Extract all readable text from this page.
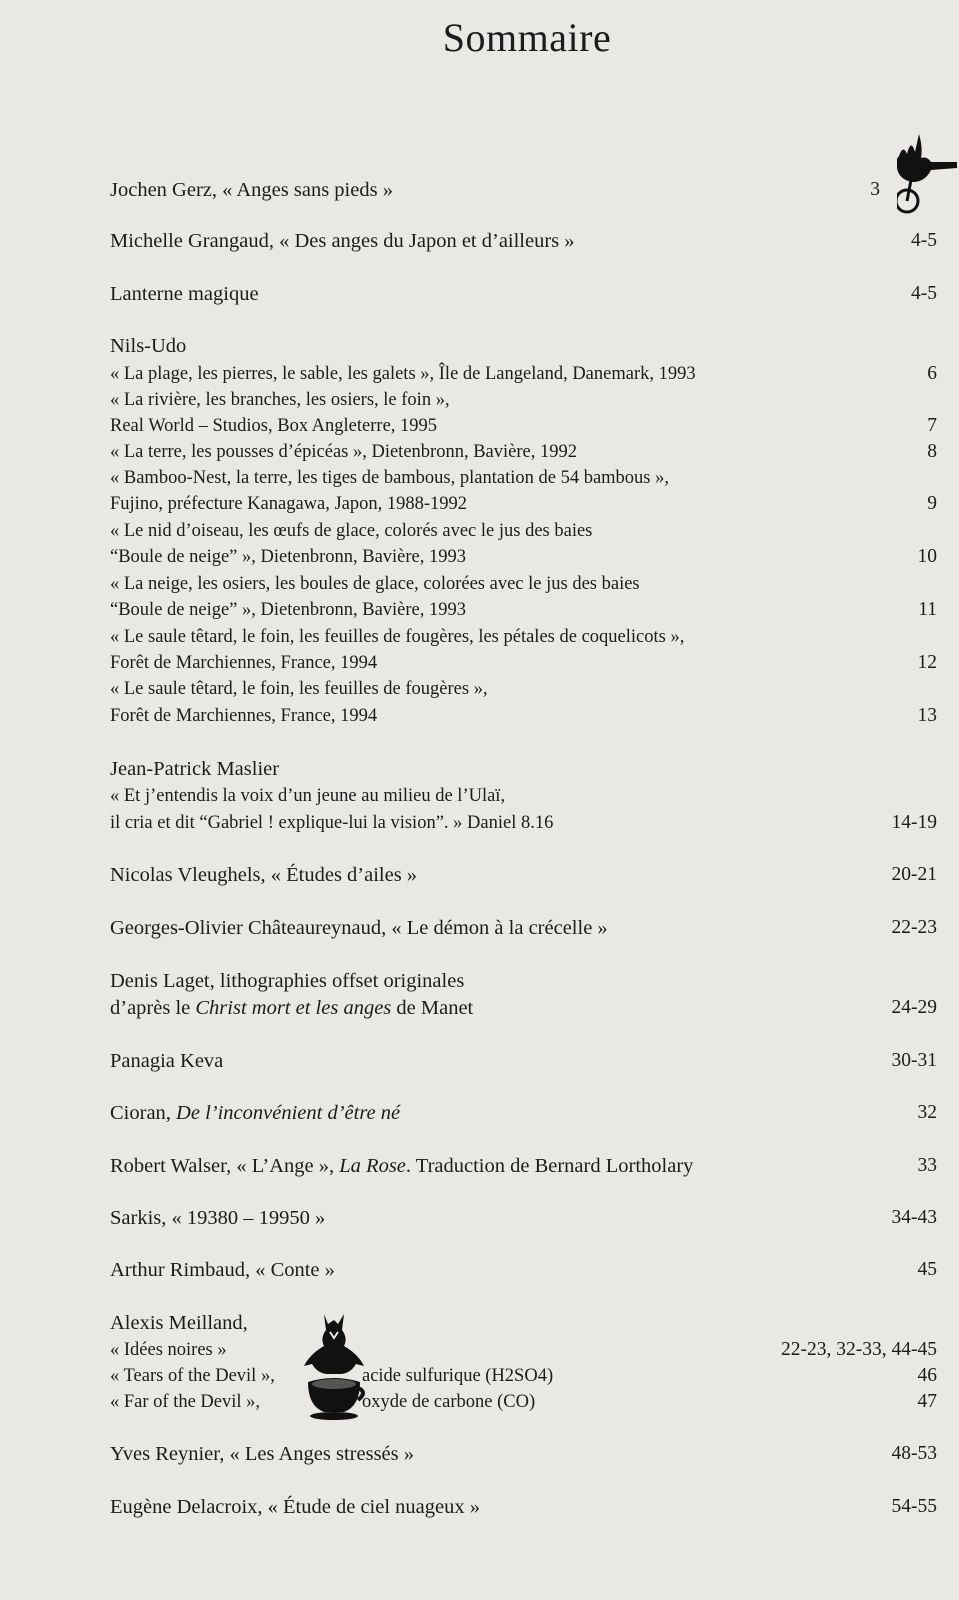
Sommaire
Jochen Gerz, « Anges sans pieds »	3
Michelle Grangaud, « Des anges du Japon et d’ailleurs »	4-5
Lanterne magique	4-5
Nils-Udo
« La plage, les pierres, le sable, les galets », Île de Langeland, Danemark, 1993	6
« La rivière, les branches, les osiers, le foin »,
Real World – Studios, Box Angleterre, 1995	7
« La terre, les pousses d’épicéas », Dietenbronn, Bavière, 1992	8
« Bamboo-Nest, la terre, les tiges de bambous, plantation de 54 bambous »,
Fujino, préfecture Kanagawa, Japon, 1988-1992	9
« Le nid d’oiseau, les œufs de glace, colorés avec le jus des baies
“Boule de neige” », Dietenbronn, Bavière, 1993	10
« La neige, les osiers, les boules de glace, colorées avec le jus des baies
“Boule de neige” », Dietenbronn, Bavière, 1993	11
« Le saule têtard, le foin, les feuilles de fougères, les pétales de coquelicots »,
Forêt de Marchiennes, France, 1994	12
« Le saule têtard, le foin, les feuilles de fougères »,
Forêt de Marchiennes, France, 1994	13
Jean-Patrick Maslier
« Et j’entendis la voix d’un jeune au milieu de l’Ulaï,
il cria et dit “Gabriel ! explique-lui la vision”. » Daniel 8.16	14-19
Nicolas Vleughels, « Études d’ailes »	20-21
Georges-Olivier Châteaureynaud, « Le démon à la crécelle »	22-23
Denis Laget, lithographies offset originales
d’après le Christ mort et les anges de Manet	24-29
Panagia Keva	30-31
Cioran, De l’inconvénient d’être né	32
Robert Walser, « L’Ange », La Rose. Traduction de Bernard Lortholary	33
Sarkis, « 19380 – 19950 »	34-43
Arthur Rimbaud, « Conte »	45
Alexis Meilland,
« Idées noires »	22-23, 32-33, 44-45
« Tears of the Devil »,	acide sulfurique (H2SO4)	46
« Far of the Devil »,	oxyde de carbone (CO)	47
Yves Reynier, « Les Anges stressés »	48-53
Eugène Delacroix, « Étude de ciel nuageux »	54-55
